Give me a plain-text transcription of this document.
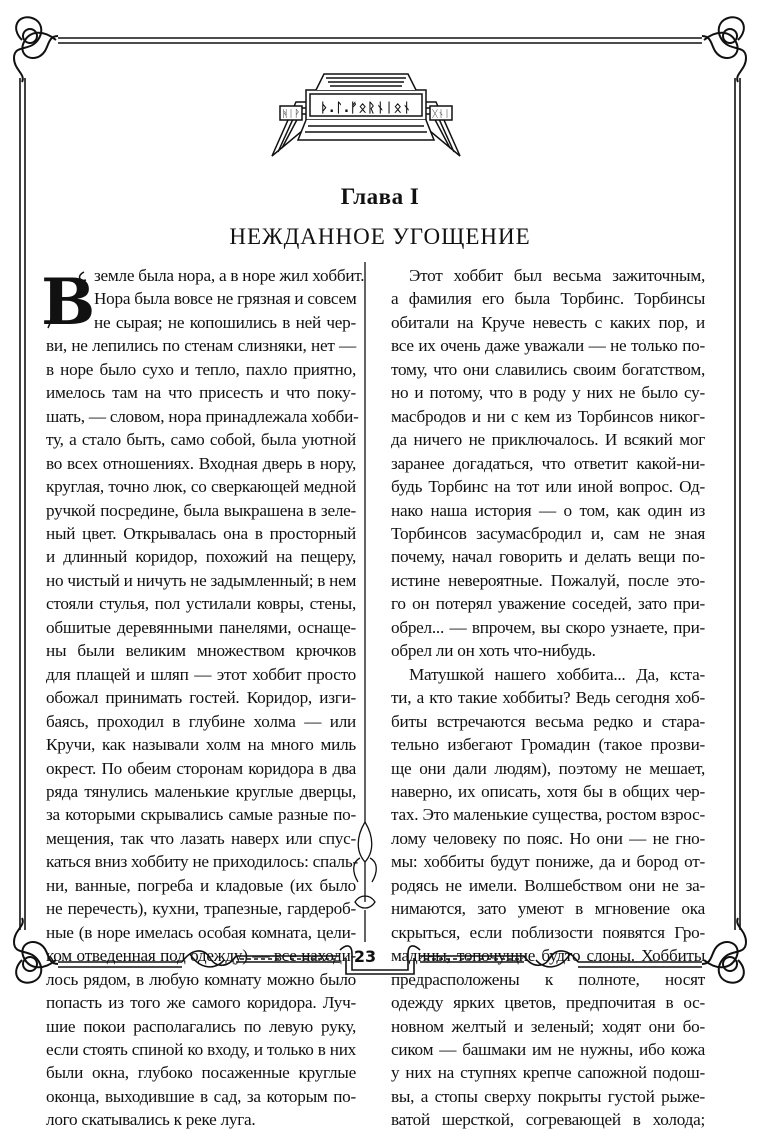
ᚻᛁᚹ	ᚷᚾᛁ
ᚦ.ᛚ.ᚠᛟᚱᚾᛁᛟᚾ
Глава I
НЕЖДАННОЕ УГОЩЕНИЕ
В земле была нора, а в норе жил хоббит.
Нора была вовсе не грязная и совсем
не сырая; не копошились в ней чер-
ви, не лепились по стенам слизняки, нет —
в норе было сухо и тепло, пахло приятно,
имелось там на что присесть и что поку-
шать, — словом, нора принадлежала хобби-
ту, а стало быть, само собой, была уютной
во всех отношениях. Входная дверь в нору,
круглая, точно люк, со сверкающей медной
ручкой посредине, была выкрашена в зеле-
ный цвет. Открывалась она в просторный
и длинный коридор, похожий на пещеру,
но чистый и ничуть не задымленный; в нем
стояли стулья, пол устилали ковры, стены,
обшитые деревянными панелями, оснаще-
ны были великим множеством крючков
для плащей и шляп — этот хоббит просто
обожал принимать гостей. Коридор, изги-
баясь, проходил в глубине холма — или
Кручи, как называли холм на много миль
окрест. По обеим сторонам коридора в два
ряда тянулись маленькие круглые дверцы,
за которыми скрывались самые разные по-
мещения, так что лазать наверх или спус-
каться вниз хоббиту не приходилось: спаль-
ни, ванные, погреба и кладовые (их было
не перечесть), кухни, трапезные, гардероб-
ные (в норе имелась особая комната, цели-
ком отведенная под одежду) — все находи-
лось рядом, в любую комнату можно было
попасть из того же самого коридора. Луч-
шие покои располагались по левую руку,
если стоять спиной ко входу, и только в них
были окна, глубоко посаженные круглые
оконца, выходившие в сад, за которым по-
лого скатывались к реке луга.
Этот хоббит был весьма зажиточным,
а фамилия его была Торбинс. Торбинсы
обитали на Круче невесть с каких пор, и
все их очень даже уважали — не только по-
тому, что они славились своим богатством,
но и потому, что в роду у них не было су-
масбродов и ни с кем из Торбинсов никог-
да ничего не приключалось. И всякий мог
заранее догадаться, что ответит какой-ни-
будь Торбинс на тот или иной вопрос. Од-
нако наша история — о том, как один из
Торбинсов засумасбродил и, сам не зная
почему, начал говорить и делать вещи по-
истине невероятные. Пожалуй, после это-
го он потерял уважение соседей, зато при-
обрел... — впрочем, вы скоро узнаете, при-
обрел ли он хоть что-нибудь.
Матушкой нашего хоббита... Да, кста-
ти, а кто такие хоббиты? Ведь сегодня хоб-
биты встречаются весьма редко и стара-
тельно избегают Громадин (такое прозви-
ще они дали людям), поэтому не мешает,
наверно, их описать, хотя бы в общих чер-
тах. Это маленькие существа, ростом взрос-
лому человеку по пояс. Но они — не гно-
мы: хоббиты будут пониже, да и бород от-
родясь не имели. Волшебством они не за-
нимаются, зато умеют в мгновение ока
скрыться, если поблизости появятся Гро-
мадины, топочущие будто слоны. Хоббиты
предрасположены к полноте, носят
одежду ярких цветов, предпочитая в ос-
новном желтый и зеленый; ходят они бо-
сиком — башмаки им не нужны, ибо кожа
у них на ступнях крепче сапожной подош-
вы, а стопы сверху покрыты густой рыже-
ватой шерсткой, согревающей в холода;
23
